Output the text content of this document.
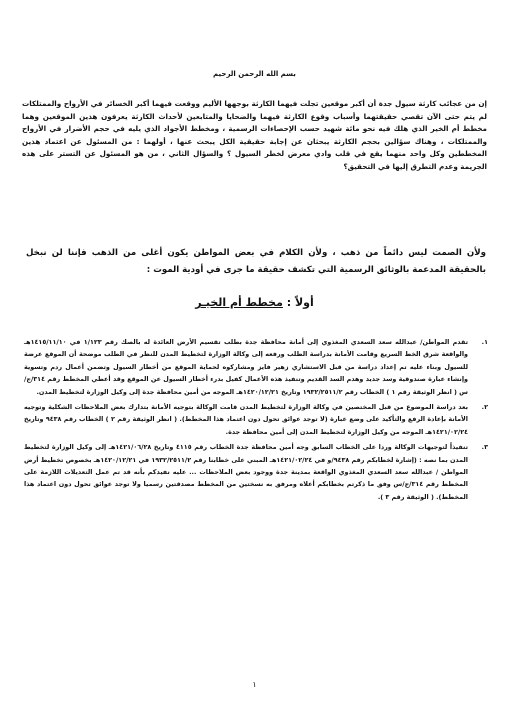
بسم الله الرحمن الرحيم
إن من عجائب كارثة سيول جدة أن أكبر موقعين تجلت فيهما الكارثة بوجهها الأليم ووقعت فيهما أكبر الخسائر في الأرواح والممتلكات لم يتم حتى الآن تقصي حقيقتهما وأسباب وقوع الكارثة فيهما والضحايا والمتابعين لأحداث الكارثة يعرفون هذين الموقعين وهما مخطط أم الخير الذي هلك فيه نحو مائة شهيد حسب الإحصاءات الرسمية ، ومخطط الأجواد الذي يليه في حجم الأضرار في الأرواح والممتلكات ، وهناك سؤالين بحجم الكارثة يبحثان عن إجابة حقيقية الكل يبحث عنها ، أولهما : من المسئول عن اعتماد هذين المخططين وكل واحد منهما يقع في قلب وادي معرض لخطر السيول ؟ والسؤال الثاني ، من هو المسئول عن التستر على هذه الجريمة وعدم التطرق إليها في التحقيق؟
ولأن الصمت ليس دائماً من ذهب ، ولأن الكلام في بعض المواطن يكون أغلى من الذهب فإننا لن نبخل بالحقيقة المدعمة بالوثائق الرسمية التي تكشف حقيقة ما جرى في أودية الموت :
أولاً : مخطط أم الخيـر
١.
تقدم المواطن/ عبدالله سعد السعدي المغذوي إلى أمانة محافظة جدة بطلب تقسيم الأرض العائدة له بالصك رقم ١/١٢٣ في ١٤١٥/١١/١٠هـ والواقعة شرق الخط السريع وقامت الأمانة بدراسة الطلب ورفعه إلى وكالة الوزارة لتخطيط المدن للنظر في الطلب موضحة أن الموقع عرضة للسيول وبناء عليه تم إعداد دراسة من قبل الاستشاري زهير فايز ومشاركوه لحماية الموقع من أخطار السيول وتضمن أعمال ردم وتسوية وإنشاء عبارة صندوقية وسد جديد وهدم السد القديم وتنفيذ هذه الأعمال كفيل بدرء أخطار السيول عن الموقع وقد أعطي المخطط رقم ٣١٤/ج/س ( انظر الوثيقة رقم ١ ) الخطاب رقم ١٩٣٢/٢٥١١/٢ وتاريخ ١٤٢٠/١٢/٢١هـ الموجه من أمين محافظة جدة إلى وكيل الوزارة لتخطيط المدن.
٢.
بعد دراسة الموضوع من قبل المختصين في وكالة الوزارة لتخطيط المدن قامت الوكالة بتوجيه الأمانة بتدارك بعض الملاحظات الشكلية وتوجيه الأمانة بإعادة الرفع والتأكيد على وضع عبارة (لا توجد عوائق تحول دون اعتماد هذا المخطط). ( انظر الوثيقة رقم ٢ ) الخطاب رقم ٩٤٣٨ وتاريخ ١٤٢١/٠٢/٢٤هـ الموجه من وكيل الوزارة لتخطيط المدن إلى أمين محافظة جدة.
٣.
تنفيذاً لتوجيهات الوكالة وردا على الخطاب السابق وجه أمين محافظة جدة الخطاب رقم ٤١١٥ وتاريخ ١٤٢١/٠٦/٢٨هـ إلى وكيل الوزارة لتخطيط المدن بما نصه : (إشارة لخطابكم رقم ٩٤٣٨/و في ١٤٢١/٠٢/٢٤هـ المبني على خطابنا رقم ١٩٣٢/٢٥١١/٢ في ١٤٢٠/١٢/٢١هـ بخصوص تخطيط أرض المواطن / عبدالله سعد السعدي المغذوي الواقعة بمدينة جدة ووجود بعض الملاحظات ... عليه نفيدكم بأنه قد تم عمل التعديلات اللازمة على المخطط رقم ٣١٤/ج/س وفق ما ذكرتم بخطابكم أعلاه ومرفق به نسختين من المخطط مصدقتين رسميا ولا توجد عوائق تحول دون اعتماد هذا المخطط). ( الوثيقة رقم ٣ ).
١
